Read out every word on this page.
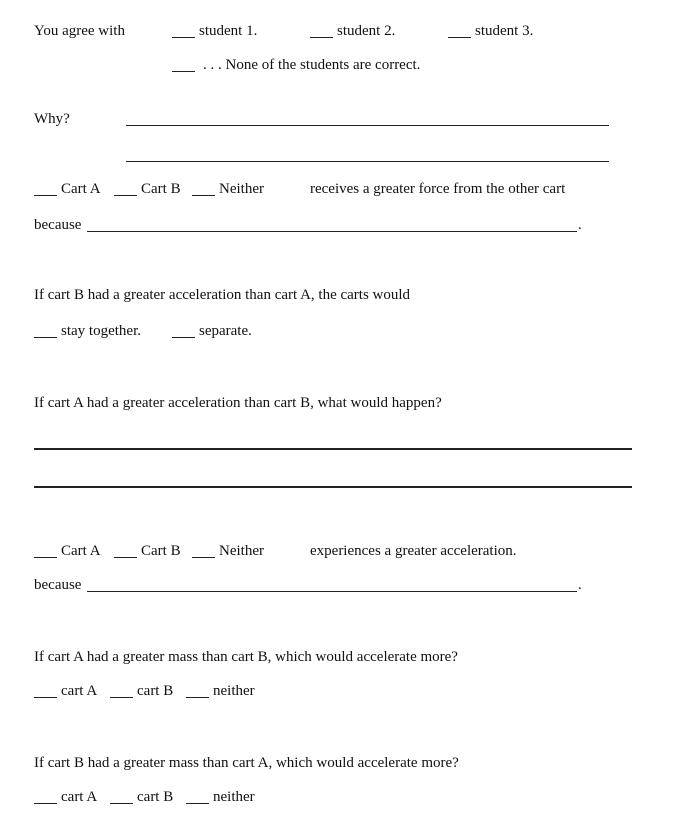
You agree with	student 1.	student 2.	student 3.
. . . None of the students are correct.
Why?
Cart A	Cart B	Neither	receives a greater force from the other cart
because	.
If cart B had a greater acceleration than cart A, the carts would
stay together.	separate.
If cart A had a greater acceleration than cart B, what would happen?
Cart A	Cart B	Neither	experiences a greater acceleration.
because	.
If cart A had a greater mass than cart B, which would accelerate more?
cart A	cart B	neither
If cart B had a greater mass than cart A, which would accelerate more?
cart A	cart B	neither
